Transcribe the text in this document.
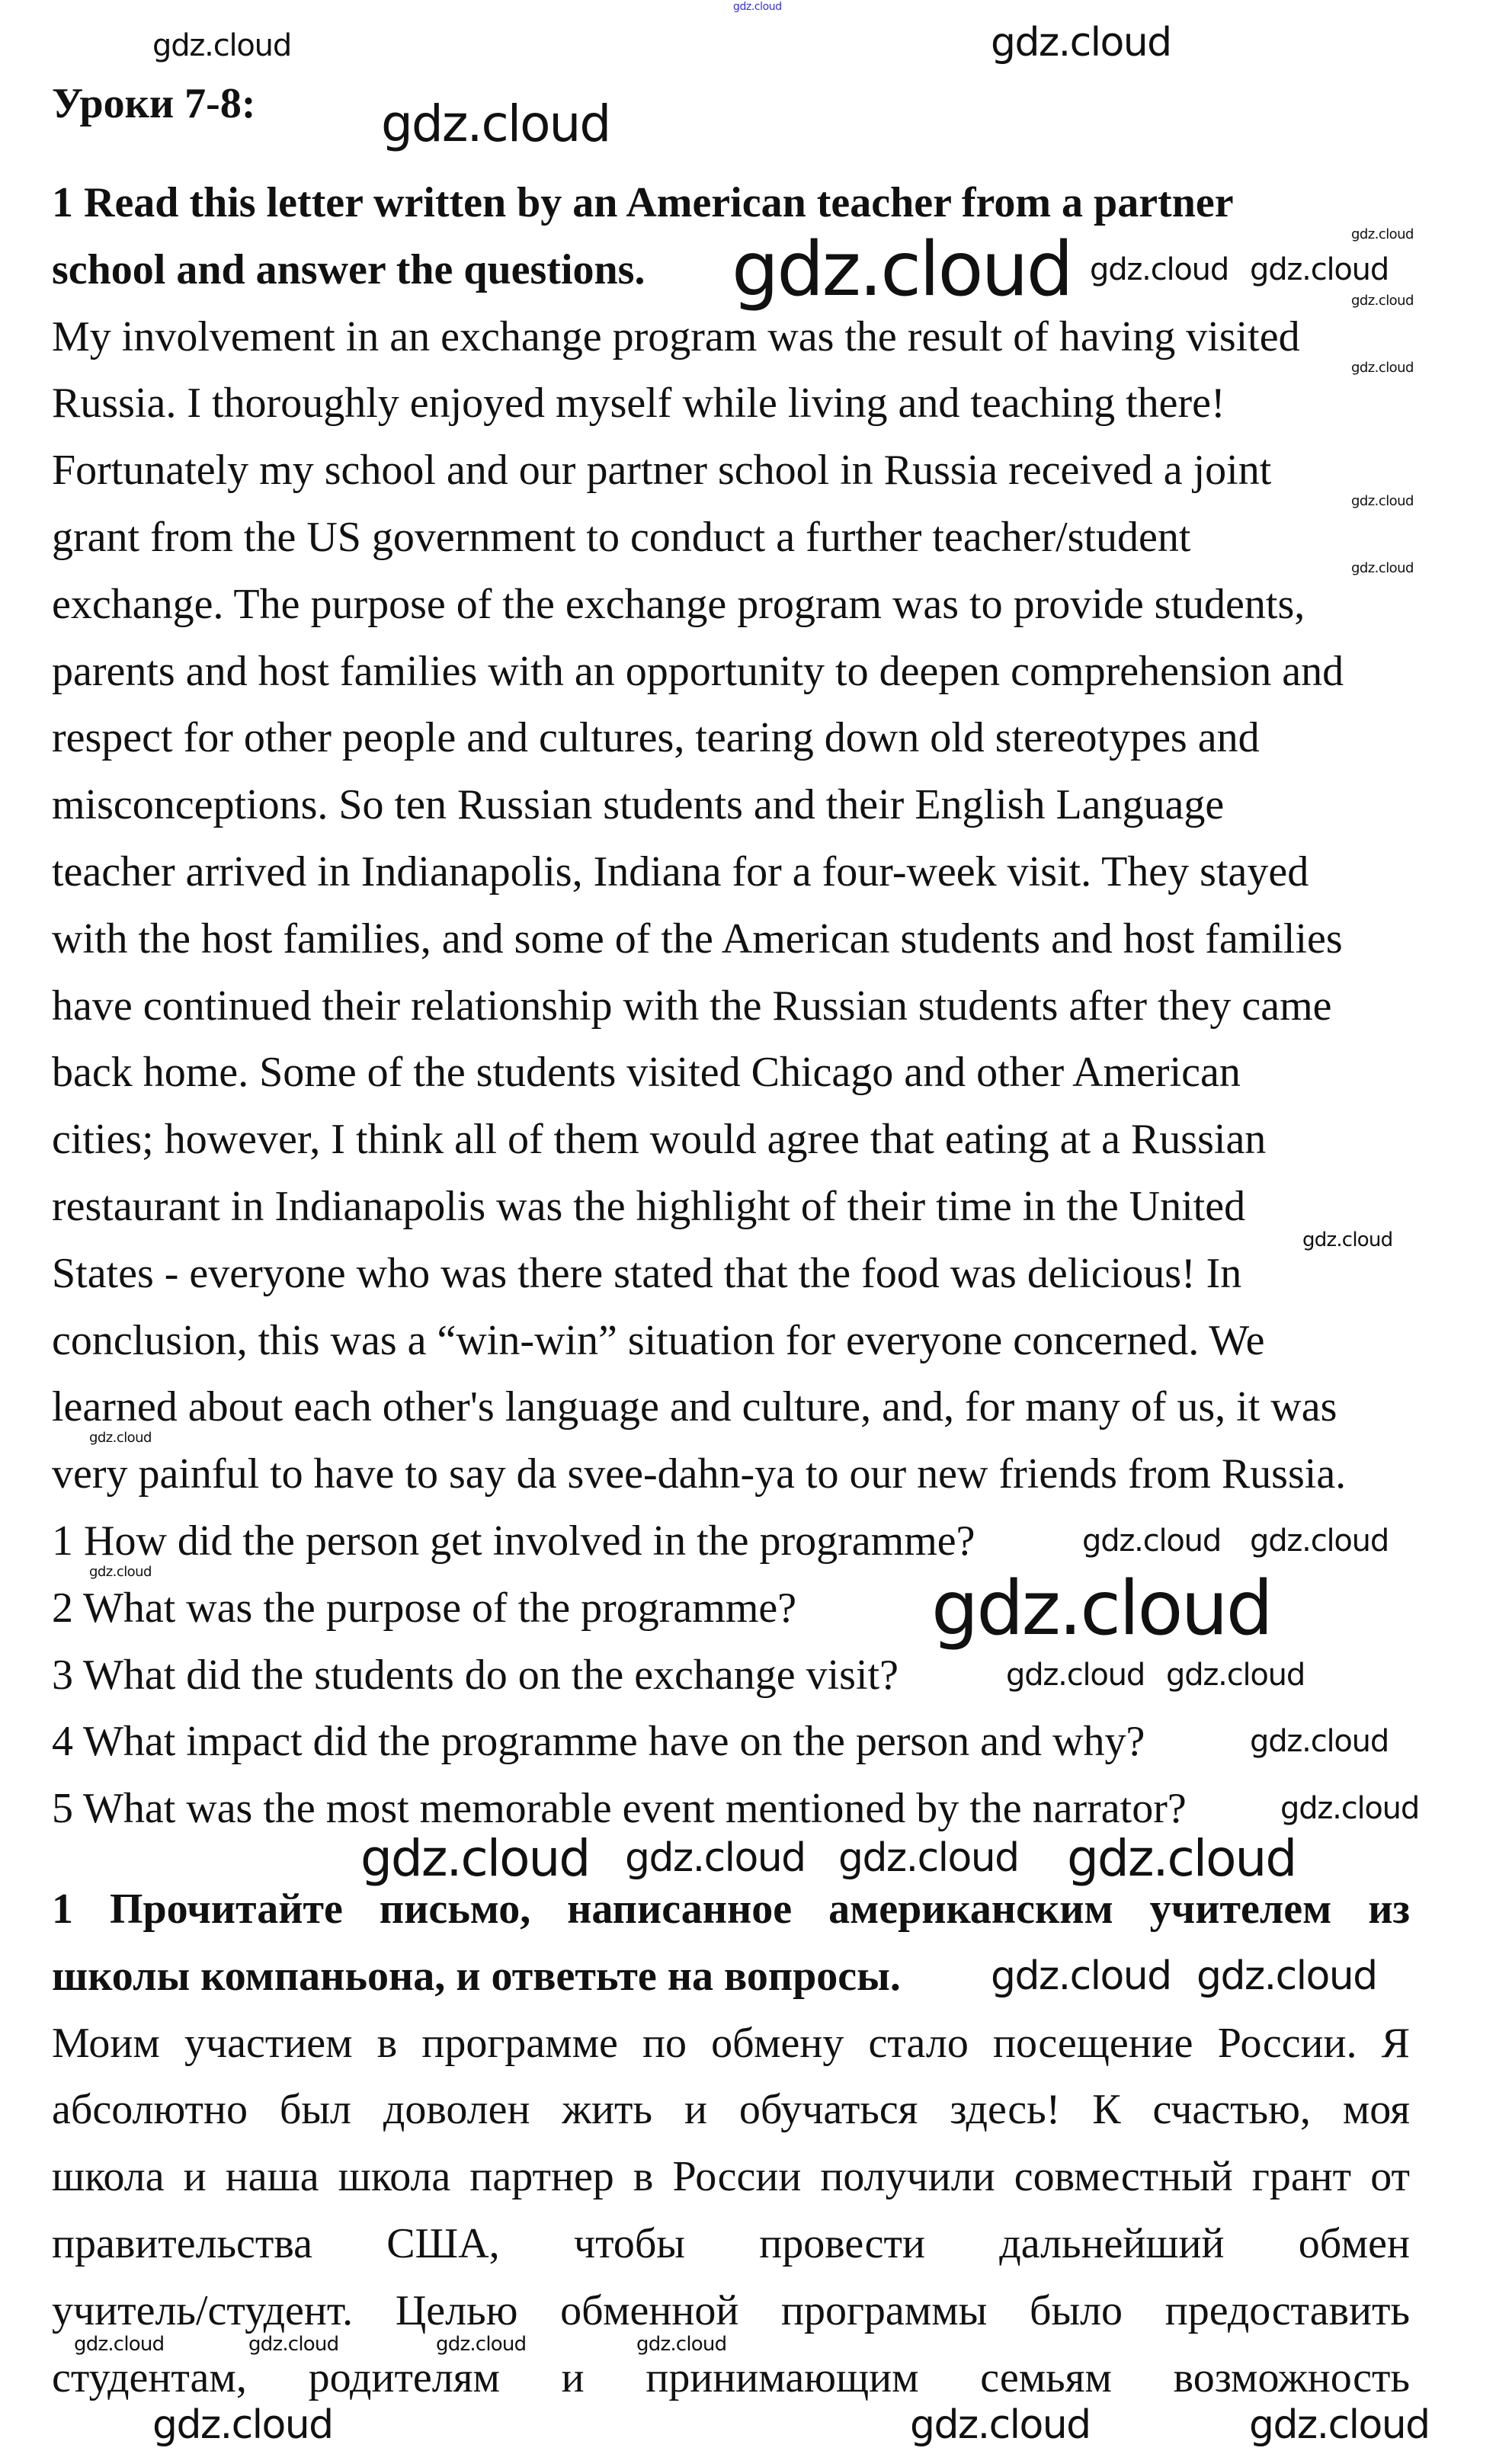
Уроки 7-8:
1 Read this letter written by an American teacher from a partner
school and answer the questions.
My involvement in an exchange program was the result of having visited
Russia. I thoroughly enjoyed myself while living and teaching there!
Fortunately my school and our partner school in Russia received a joint
grant from the US government to conduct a further teacher/student
exchange. The purpose of the exchange program was to provide students,
parents and host families with an opportunity to deepen comprehension and
respect for other people and cultures, tearing down old stereotypes and
misconceptions. So ten Russian students and their English Language
teacher arrived in Indianapolis, Indiana for a four-week visit. They stayed
with the host families, and some of the American students and host families
have continued their relationship with the Russian students after they came
back home. Some of the students visited Chicago and other American
cities; however, I think all of them would agree that eating at a Russian
restaurant in Indianapolis was the highlight of their time in the United
States - everyone who was there stated that the food was delicious! In
conclusion, this was a “win-win” situation for everyone concerned. We
learned about each other's language and culture, and, for many of us, it was
very painful to have to say da svee-dahn-ya to our new friends from Russia.
1 How did the person get involved in the programme?
2 What was the purpose of the programme?
3 What did the students do on the exchange visit?
4 What impact did the programme have on the person and why?
5 What was the most memorable event mentioned by the narrator?
1 Прочитайте письмо, написанное американским учителем из
школы компаньона, и ответьте на вопросы.
Моим участием в программе по обмену стало посещение России. Я
абсолютно был доволен жить и обучаться здесь! К счастью, моя
школа и наша школа партнер в России получили совместный грант от
правительства США, чтобы провести дальнейший обмен
учитель/студент. Целью обменной программы было предоставить
студентам, родителям и принимающим семьям возможность
gdz.cloud
gdz.cloud	gdz.cloud
gdz.cloud
gdz.cloud gdz.cloud gdz.cloud
gdz.cloud
gdz.cloud
gdz.cloud
gdz.cloud
gdz.cloud
gdz.cloud
gdz.cloud
gdz.cloud
gdz.cloud gdz.cloud
gdz.cloud
gdz.cloud gdz.cloud
gdz.cloud
gdz.cloud
gdz.cloud gdz.cloud gdz.cloud gdz.cloud
gdz.cloud gdz.cloud
gdz.cloud	gdz.cloud	gdz.cloud	gdz.cloud
gdz.cloud	gdz.cloud	gdz.cloud
